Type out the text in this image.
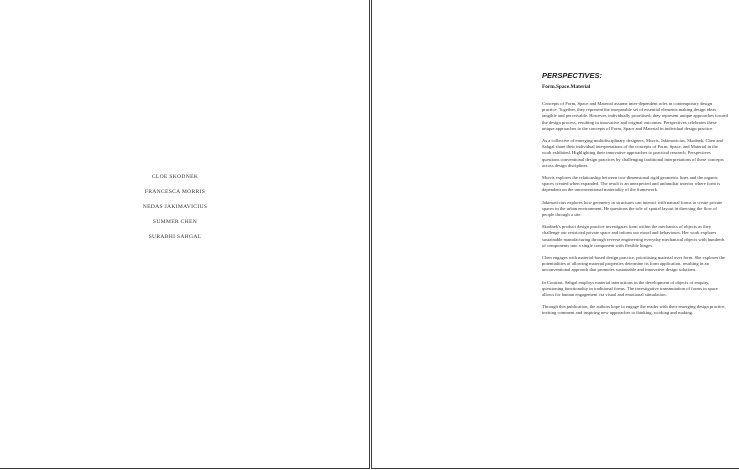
CLOE SKODNEK
FRANCESCA MORRIS
NEDAS JAKIMAVICIUS
SUMMER CHEN
SURABHI SAHGAL
PERSPECTIVES:
Form.Space.Material

Concepts of Form, Space and Material assume inter-dependent roles in contemporary design practice. Together, they represent the inseparable set of essential elements making design ideas tangible and perceivable. However, individually prioritised, they represent unique approaches toward the design process, resulting in innovative and original outcomes. Perspectives celebrates these unique approaches to the concepts of Form, Space and Material in individual design practice.

As a collective of emerging multidisciplinary designers, Morris, Jakimavicius, Skodnek, Chen and Sahgal share their individual interpretations of the concepts of Form, Space, and Material in the work exhibited. Highlighting their innovative approaches to practical research, Perspectives questions conventional design practices by challenging traditional interpretations of these concepts across design disciplines.

Morris explores the relationship between two-dimensional rigid geometric lines and the organic spaces created when expanded. The result is an unexpected and unfamiliar interior where form is dependent on the unconventional materiality of the framework.

Jakimavicius explores how geometry in structures can interact with natural forms to create private spaces in the urban environment. He questions the role of spatial layout in directing the flow of people through a site.

Skodnek's product design practice investigates form within the mechanics of objects as they challenge our restricted private space and inform our mood and behaviours. Her work explores sustainable manufacturing through reverse engineering everyday mechanical objects with hundreds of components into a single component with flexible hinges.

Chen engages with material-based design practice, prioritising material over form. She explores the potentialities of allowing material properties determine its form application, resulting in an unconventional approach that promotes sustainable and innovative design solutions.

In Contrast, Sahgal employs material interactions in the development of objects of enquiry, questioning functionality in traditional forms. The investigative transmutation of forms in space allows for human engagement via visual and emotional stimulation.

Through this publication, the authors hope to engage the reader with their emerging design practice, inviting comment and inspiring new approaches to thinking, working and making.
